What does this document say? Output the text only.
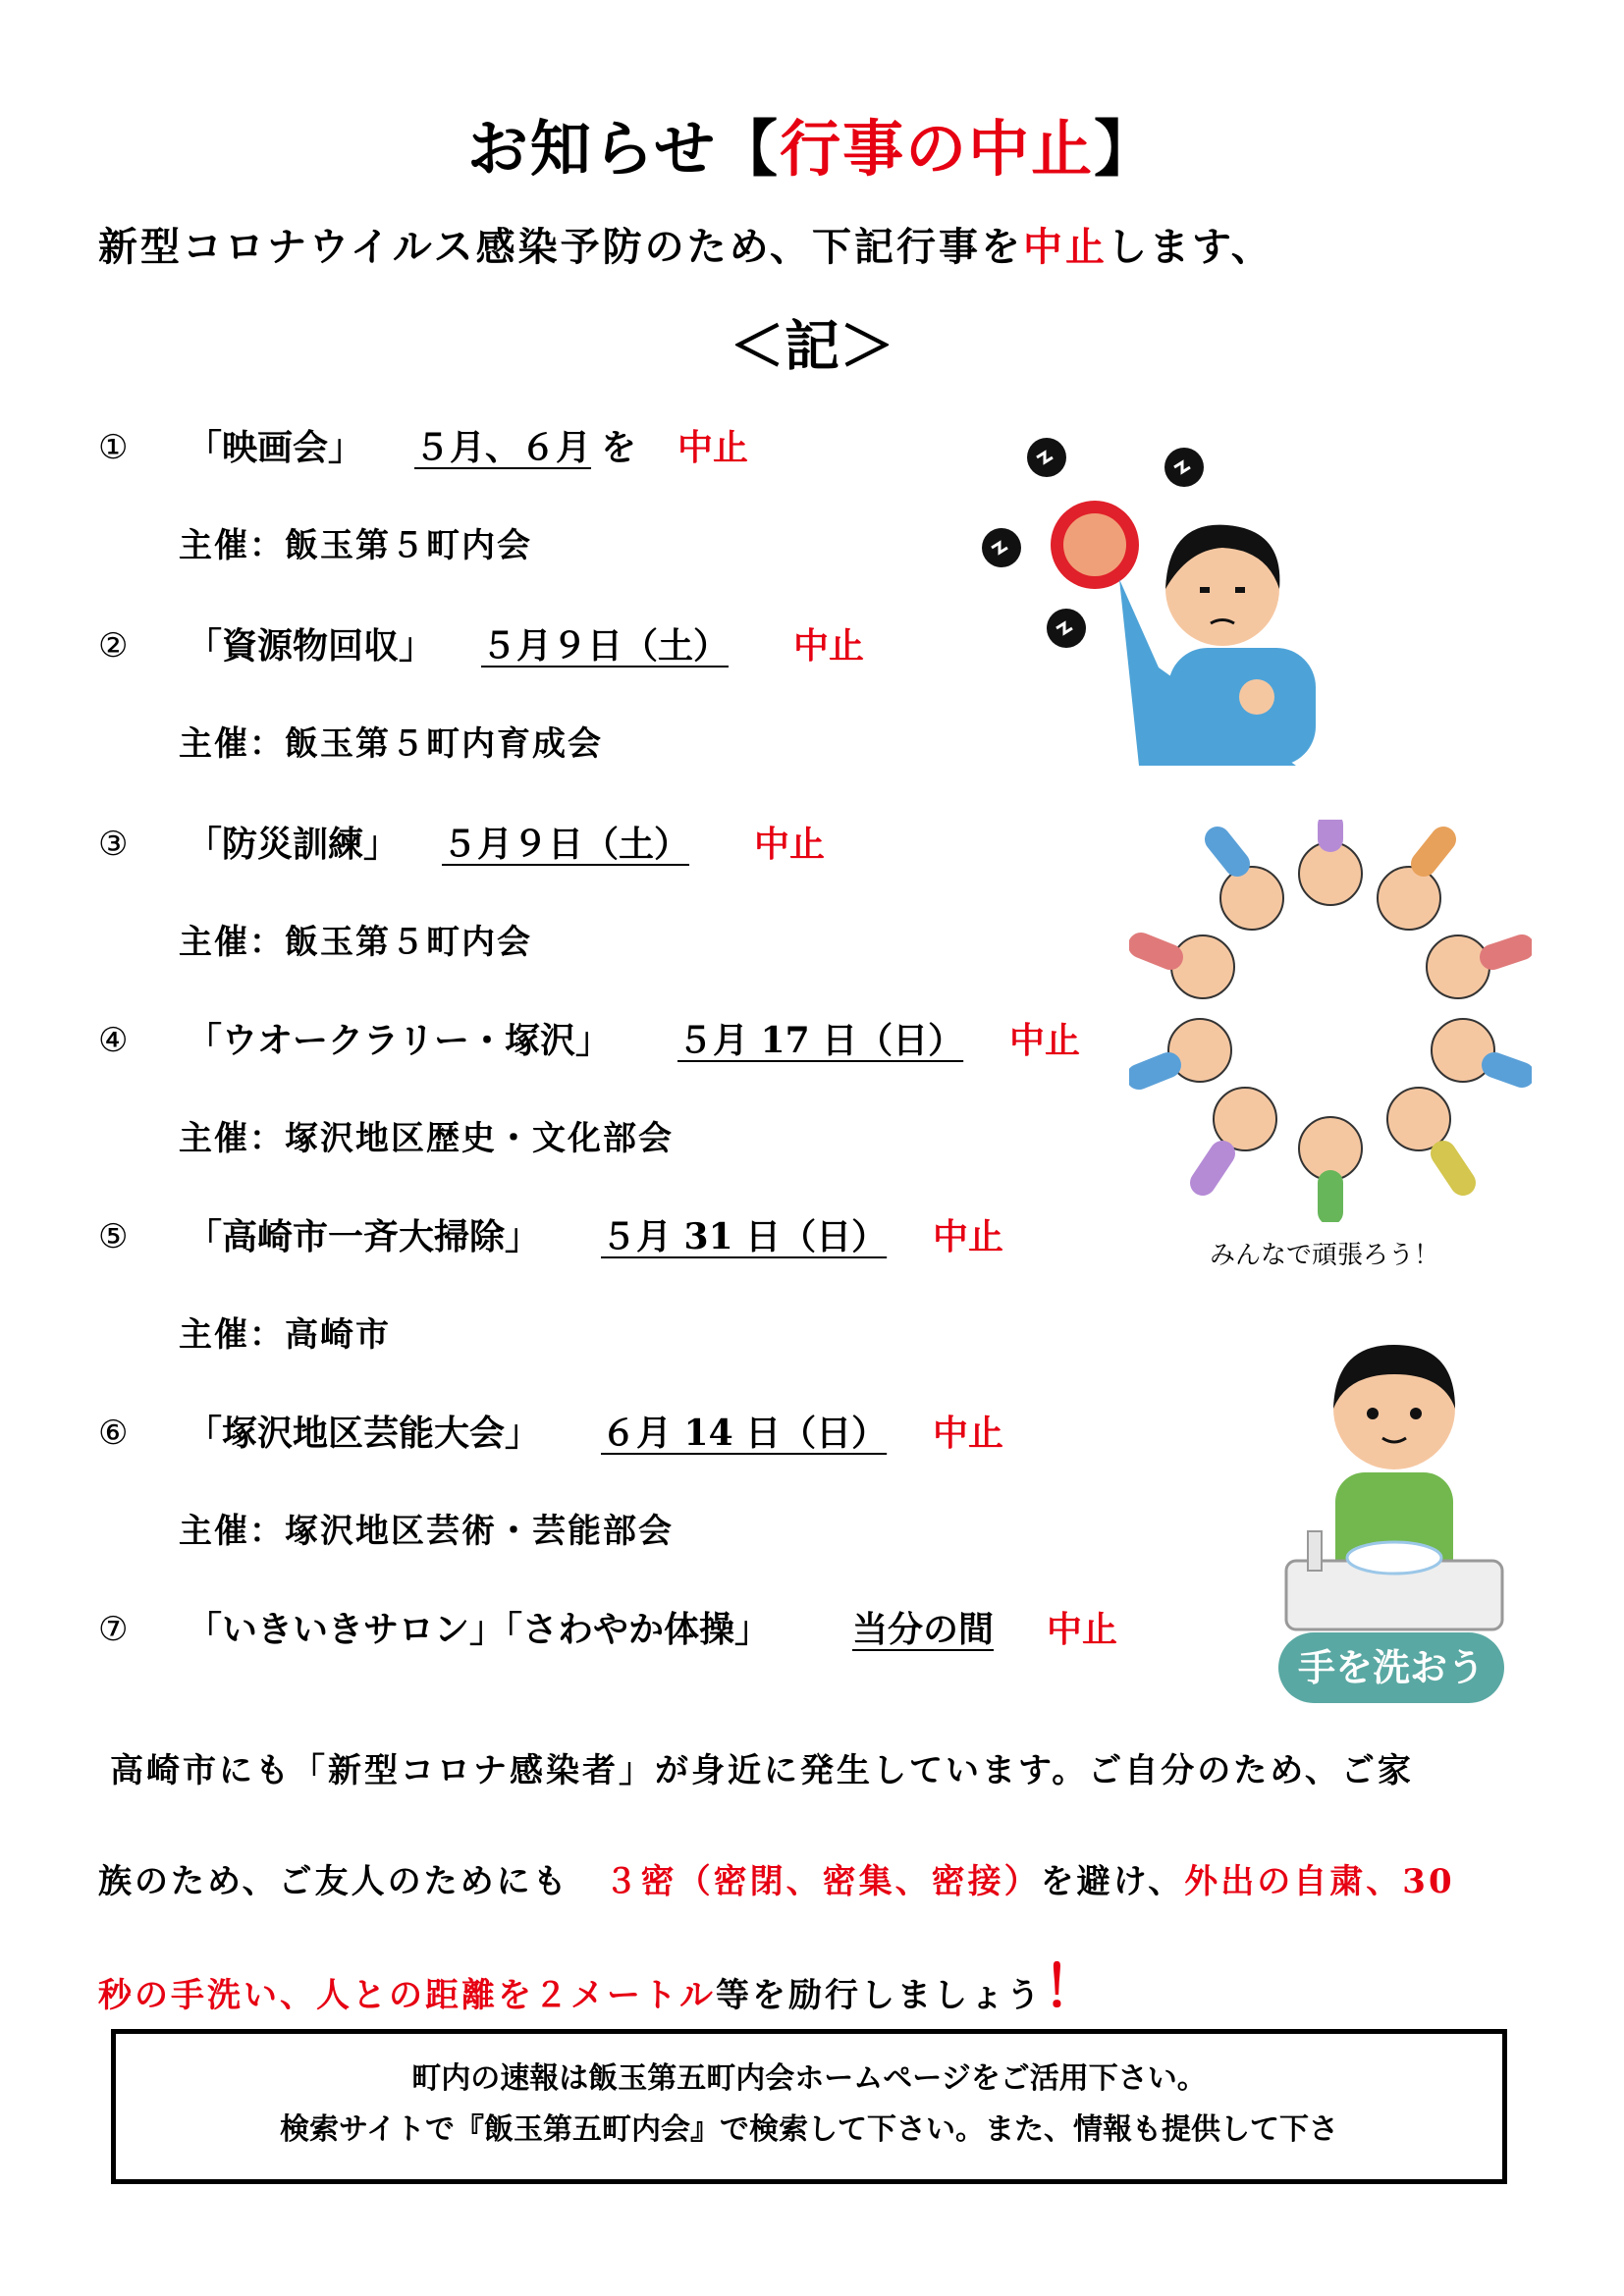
お知らせ【行事の中止】
新型コロナウイルス感染予防のため、下記行事を中止します、
＜記＞
① 「映画会」 ５月、６月 を 中止
主催：飯玉第５町内会
② 「資源物回収」 ５月９日（土） 中止
主催：飯玉第５町内育成会
③ 「防災訓練」 ５月９日（土） 中止
主催：飯玉第５町内会
④ 「ウオークラリー・塚沢」 ５月 17 日（日） 中止
主催：塚沢地区歴史・文化部会
⑤ 「高崎市一斉大掃除」 ５月 31 日（日） 中止
主催：高崎市
⑥ 「塚沢地区芸能大会」 ６月 14 日（日） 中止
主催：塚沢地区芸術・芸能部会
⑦ 「いきいきサロン」「さわやか体操」 当分の間 中止
みんなで頑張ろう！
手を洗おう
高崎市にも「新型コロナ感染者」が身近に発生しています。ご自分のため、ご家
族のため、ご友人のためにも ３密（密閉、密集、密接）を避け、外出の自粛、30
秒の手洗い、人との距離を２メートル等を励行しましょう！
町内の速報は飯玉第五町内会ホームページをご活用下さい。
検索サイトで『飯玉第五町内会』で検索して下さい。また、情報も提供して下さ
